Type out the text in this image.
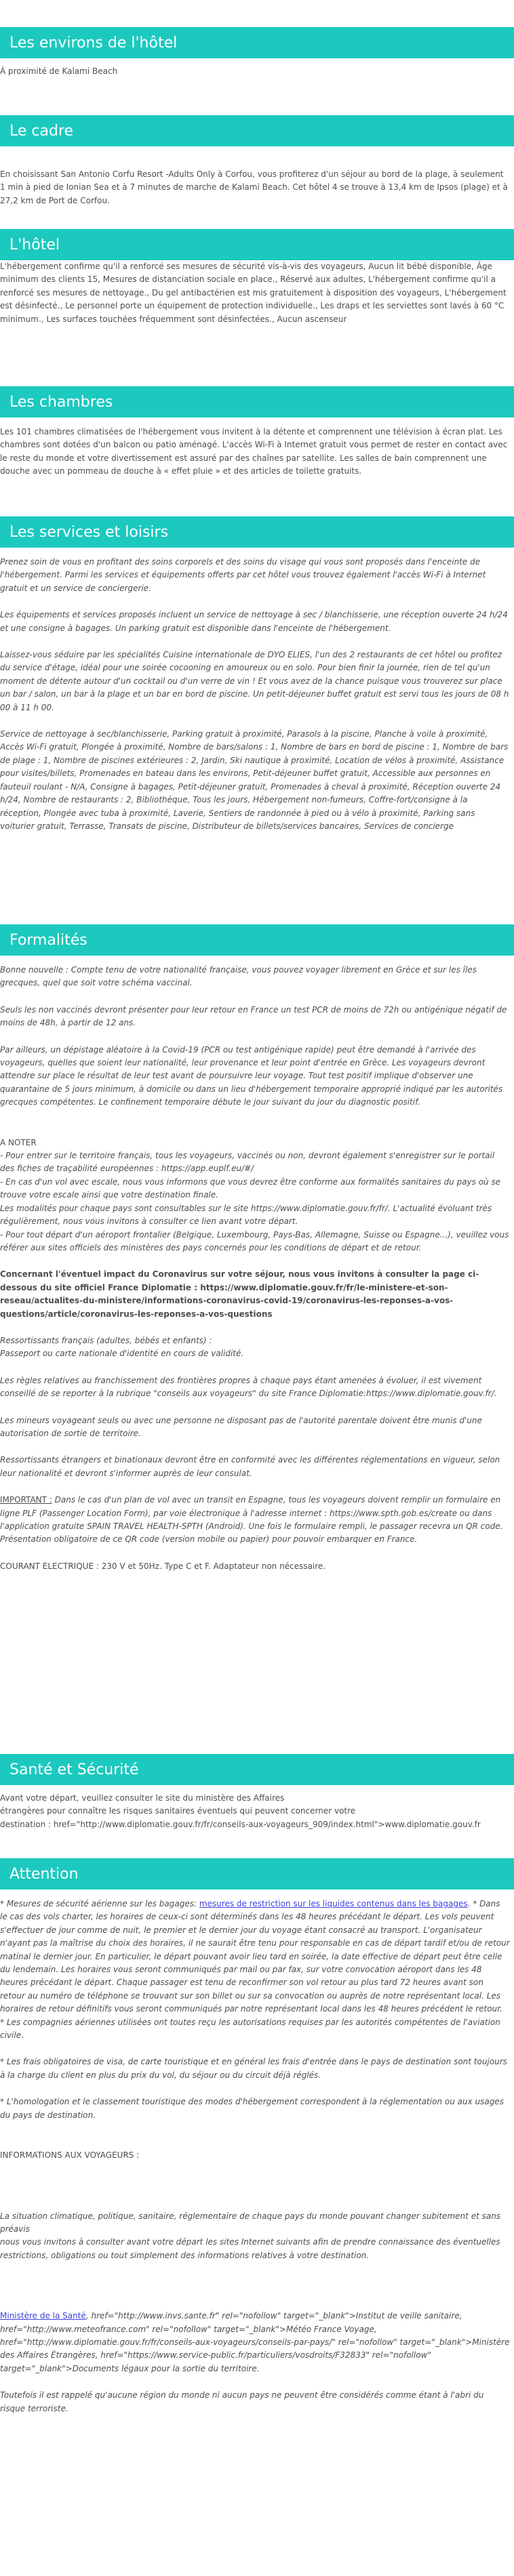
Les environs de l'hôtel

À proximité de Kalami Beach

Le cadre

En choisissant San Antonio Corfu Resort -Adults Only à Corfou, vous profiterez d'un séjour au bord de la plage, à seulement 1 min à pied de Ionian Sea et à 7 minutes de marche de Kalami Beach. Cet hôtel 4 se trouve à 13,4 km de Ipsos (plage) et à 27,2 km de Port de Corfou.

L'hôtel

L'hébergement confirme qu'il a renforcé ses mesures de sécurité vis-à-vis des voyageurs, Aucun lit bébé disponible, Âge minimum des clients 15, Mesures de distanciation sociale en place., Réservé aux adultes, L'hébergement confirme qu'il a renforcé ses mesures de nettoyage., Du gel antibactérien est mis gratuitement à disposition des voyageurs, L'hébergement est désinfecté., Le personnel porte un équipement de protection individuelle., Les draps et les serviettes sont lavés à 60 °C minimum., Les surfaces touchées fréquemment sont désinfectées., Aucun ascenseur

Les chambres

Les 101 chambres climatisées de l'hébergement vous invitent à la détente et comprennent une télévision à écran plat. Les chambres sont dotées d'un balcon ou patio aménagé. L'accès Wi-Fi à Internet gratuit vous permet de rester en contact avec le reste du monde et votre divertissement est assuré par des chaînes par satellite. Les salles de bain comprennent une douche avec un pommeau de douche à « effet pluie » et des articles de toilette gratuits.

Les services et loisirs

Prenez soin de vous en profitant des soins corporels et des soins du visage qui vous sont proposés dans l'enceinte de l'hébergement. Parmi les services et équipements offerts par cet hôtel vous trouvez également l'accès Wi-Fi à Internet gratuit et un service de conciergerie.

Les équipements et services proposés incluent un service de nettoyage à sec / blanchisserie, une réception ouverte 24 h/24 et une consigne à bagages. Un parking gratuit est disponible dans l'enceinte de l'hébergement.

Laissez-vous séduire par les spécialités Cuisine internationale de DYO ELIES, l'un des 2 restaurants de cet hôtel ou profitez du service d'étage, idéal pour une soirée cocooning en amoureux ou en solo. Pour bien finir la journée, rien de tel qu'un moment de détente autour d'un cocktail ou d'un verre de vin ! Et vous avez de la chance puisque vous trouverez sur place un bar / salon, un bar à la plage et un bar en bord de piscine. Un petit-déjeuner buffet gratuit est servi tous les jours de 08 h 00 à 11 h 00.

Service de nettoyage à sec/blanchisserie, Parking gratuit à proximité, Parasols à la piscine, Planche à voile à proximité, Accès Wi-Fi gratuit, Plongée à proximité, Nombre de bars/salons : 1, Nombre de bars en bord de piscine : 1, Nombre de bars de plage : 1, Nombre de piscines extérieures : 2, Jardin, Ski nautique à proximité, Location de vélos à proximité, Assistance pour visites/billets, Promenades en bateau dans les environs, Petit-déjeuner buffet gratuit, Accessible aux personnes en fauteuil roulant - N/A, Consigne à bagages, Petit-déjeuner gratuit, Promenades à cheval à proximité, Réception ouverte 24 h/24, Nombre de restaurants : 2, Bibliothèque, Tous les jours, Hébergement non-fumeurs, Coffre-fort/consigne à la réception, Plongée avec tuba à proximité, Laverie, Sentiers de randonnée à pied ou à vélo à proximité, Parking sans voiturier gratuit, Terrasse, Transats de piscine, Distributeur de billets/services bancaires, Services de concierge

Formalités

Bonne nouvelle : Compte tenu de votre nationalité française, vous pouvez voyager librement en Grèce et sur les îles grecques, quel que soit votre schéma vaccinal.

Seuls les non vaccinés devront présenter pour leur retour en France un test PCR de moins de 72h ou antigénique négatif de moins de 48h, à partir de 12 ans.

Par ailleurs, un dépistage aléatoire à la Covid-19 (PCR ou test antigénique rapide) peut être demandé à l'arrivée des voyageurs, quelles que soient leur nationalité, leur provenance et leur point d'entrée en Grèce. Les voyageurs devront attendre sur place le résultat de leur test avant de poursuivre leur voyage. Tout test positif implique d'observer une quarantaine de 5 jours minimum, à domicile ou dans un lieu d'hébergement temporaire approprié indiqué par les autorités grecques compétentes. Le confinement temporaire débute le jour suivant du jour du diagnostic positif.

A NOTER

- Pour entrer sur le territoire français, tous les voyageurs, vaccinés ou non, devront également s'enregistrer sur le portail des fiches de traçabilité européennes : https://app.euplf.eu/#/

- En cas d'un vol avec escale, nous vous informons que vous devrez être conforme aux formalités sanitaires du pays où se trouve votre escale ainsi que votre destination finale.

Les modalités pour chaque pays sont consultables sur le site https://www.diplomatie.gouv.fr/fr/. L'actualité évoluant très régulièrement, nous vous invitons à consulter ce lien avant votre départ.

- Pour tout départ d'un aéroport frontalier (Belgique, Luxembourg, Pays-Bas, Allemagne, Suisse ou Espagne...), veuillez vous référer aux sites officiels des ministères des pays concernés pour les conditions de départ et de retour.

Concernant l'éventuel impact du Coronavirus sur votre séjour, nous vous invitons à consulter la page ci-dessous du site officiel France Diplomatie : https://www.diplomatie.gouv.fr/fr/le-ministere-et-son-reseau/actualites-du-ministere/informations-coronavirus-covid-19/coronavirus-les-reponses-a-vos-questions/article/coronavirus-les-reponses-a-vos-questions

Ressortissants français (adultes, bébés et enfants) :

Passeport ou carte nationale d'identité en cours de validité.

Les règles relatives au franchissement des frontières propres à chaque pays étant amenées à évoluer, il est vivement conseillé de se reporter à la rubrique "conseils aux voyageurs" du site France Diplomatie:https://www.diplomatie.gouv.fr/.

Les mineurs voyageant seuls ou avec une personne ne disposant pas de l'autorité parentale doivent être munis d'une autorisation de sortie de territoire.

Ressortissants étrangers et binationaux devront être en conformité avec les différentes réglementations en vigueur, selon leur nationalité et devront s'informer auprès de leur consulat.

IMPORTANT : Dans le cas d'un plan de vol avec un transit en Espagne, tous les voyageurs doivent remplir un formulaire en ligne PLF (Passenger Location Form), par voie électronique à l'adresse internet : https://www.spth.gob.es/create ou dans l'application gratuite SPAIN TRAVEL HEALTH-SPTH (Android). Une fois le formulaire rempli, le passager recevra un QR code. Présentation obligatoire de ce QR code (version mobile ou papier) pour pouvoir embarquer en France.

COURANT ELECTRIQUE : 230 V et 50Hz. Type C et F. Adaptateur non nécessaire.

Santé et Sécurité

Avant votre départ, veuillez consulter le site du ministère des Affaires

étrangères pour connaître les risques sanitaires éventuels qui peuvent concerner votre

destination : href="http://www.diplomatie.gouv.fr/fr/conseils-aux-voyageurs_909/index.html">www.diplomatie.gouv.fr

Attention

* Mesures de sécurité aérienne sur les bagages: mesures de restriction sur les liquides contenus dans les bagages. * Dans le cas des vols charter, les horaires de ceux-ci sont déterminés dans les 48 heures précédant le départ. Les vols peuvent s'effectuer de jour comme de nuit, le premier et le dernier jour du voyage étant consacré au transport. L'organisateur n'ayant pas la maîtrise du choix des horaires, il ne saurait être tenu pour responsable en cas de départ tardif et/ou de retour matinal le dernier jour. En particulier, le départ pouvant avoir lieu tard en soirée, la date effective de départ peut être celle du lendemain. Les horaires vous seront communiqués par mail ou par fax, sur votre convocation aéroport dans les 48 heures précédant le départ. Chaque passager est tenu de reconfirmer son vol retour au plus tard 72 heures avant son retour au numéro de téléphone se trouvant sur son billet ou sur sa convocation ou auprès de notre représentant local. Les horaires de retour définitifs vous seront communiqués par notre représentant local dans les 48 heures précédent le retour.

* Les compagnies aériennes utilisées ont toutes reçu les autorisations requises par les autorités compétentes de l'aviation civile.

* Les frais obligatoires de visa, de carte touristique et en général les frais d'entrée dans le pays de destination sont toujours à la charge du client en plus du prix du vol, du séjour ou du circuit déjà réglés.

* L'homologation et le classement touristique des modes d'hébergement correspondent à la réglementation ou aux usages du pays de destination.

INFORMATIONS AUX VOYAGEURS :

La situation climatique, politique, sanitaire, réglementaire de chaque pays du monde pouvant changer subitement et sans préavis

nous vous invitons à consulter avant votre départ les sites Internet suivants afin de prendre connaissance des éventuelles restrictions, obligations ou tout simplement des informations relatives à votre destination.

Ministère de la Santé, href="http://www.invs.sante.fr" rel="nofollow" target="_blank">Institut de veille sanitaire, href="http://www.meteofrance.com" rel="nofollow" target="_blank">Météo France Voyage, href="http://www.diplomatie.gouv.fr/fr/conseils-aux-voyageurs/conseils-par-pays/" rel="nofollow" target="_blank">Ministère des Affaires Étrangères, href="https://www.service-public.fr/particuliers/vosdroits/F32833" rel="nofollow" target="_blank">Documents légaux pour la sortie du territoire.

Toutefois il est rappelé qu'aucune région du monde ni aucun pays ne peuvent être considérés comme étant à l'abri du risque terroriste.
